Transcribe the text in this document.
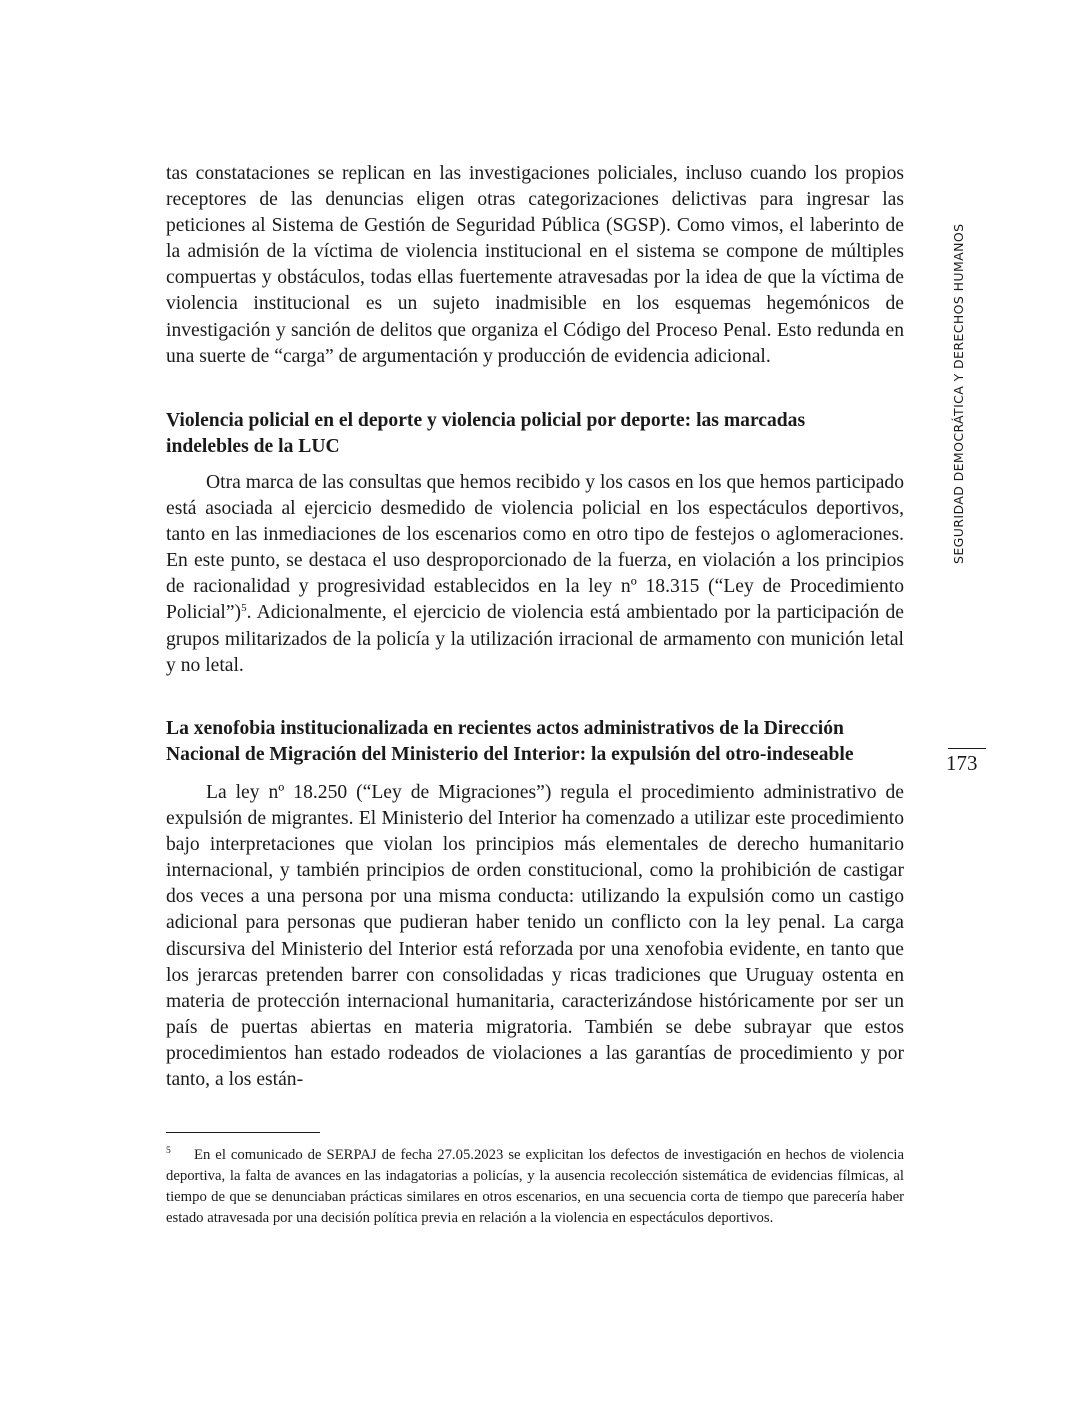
tas constataciones se replican en las investigaciones policiales, incluso cuando los propios receptores de las denuncias eligen otras categorizaciones delictivas para ingresar las peticiones al Sistema de Gestión de Seguridad Pública (SGSP). Como vimos, el laberinto de la admisión de la víctima de violencia institucional en el sistema se compone de múltiples compuertas y obstáculos, todas ellas fuertemente atravesadas por la idea de que la víctima de violencia institucional es un sujeto inadmisible en los esquemas hegemónicos de investigación y sanción de delitos que organiza el Código del Proceso Penal. Esto redunda en una suerte de “carga” de argumentación y producción de evidencia adicional.

Violencia policial en el deporte y violencia policial por deporte: las marcadas
indelebles de la LUC

Otra marca de las consultas que hemos recibido y los casos en los que hemos participado está asociada al ejercicio desmedido de violencia policial en los espectáculos deportivos, tanto en las inmediaciones de los escenarios como en otro tipo de festejos o aglomeraciones. En este punto, se destaca el uso desproporcionado de la fuerza, en violación a los principios de racionalidad y progresividad establecidos en la ley nº 18.315 (“Ley de Procedimiento Policial”)$^5$. Adicionalmente, el ejercicio de violencia está ambientado por la participación de grupos militarizados de la policía y la utilización irracional de armamento con munición letal y no letal.

La xenofobia institucionalizada en recientes actos administrativos de la Dirección
Nacional de Migración del Ministerio del Interior: la expulsión del otro-indeseable

La ley nº 18.250 (“Ley de Migraciones”) regula el procedimiento administrativo de expulsión de migrantes. El Ministerio del Interior ha comenzado a utilizar este procedimiento bajo interpretaciones que violan los principios más elementales de derecho humanitario internacional, y también principios de orden constitucional, como la prohibición de castigar dos veces a una persona por una misma conducta: utilizando la expulsión como un castigo adicional para personas que pudieran haber tenido un conflicto con la ley penal. La carga discursiva del Ministerio del Interior está reforzada por una xenofobia evidente, en tanto que los jerarcas pretenden barrer con consolidadas y ricas tradiciones que Uruguay ostenta en materia de protección internacional humanitaria, caracterizándose históricamente por ser un país de puertas abiertas en materia migratoria. También se debe subrayar que estos procedimientos han estado rodeados de violaciones a las garantías de procedimiento y por tanto, a los están-

SEGURIDAD DEMOCRÁTICA Y DERECHOS HUMANOS
173
5 En el comunicado de SERPAJ de fecha 27.05.2023 se explicitan los defectos de investigación en hechos de violencia deportiva, la falta de avances en las indagatorias a policías, y la ausencia recolección sistemática de evidencias fílmicas, al tiempo de que se denunciaban prácticas similares en otros escenarios, en una secuencia corta de tiempo que parecería haber estado atravesada por una decisión política previa en relación a la violencia en espectáculos deportivos.
